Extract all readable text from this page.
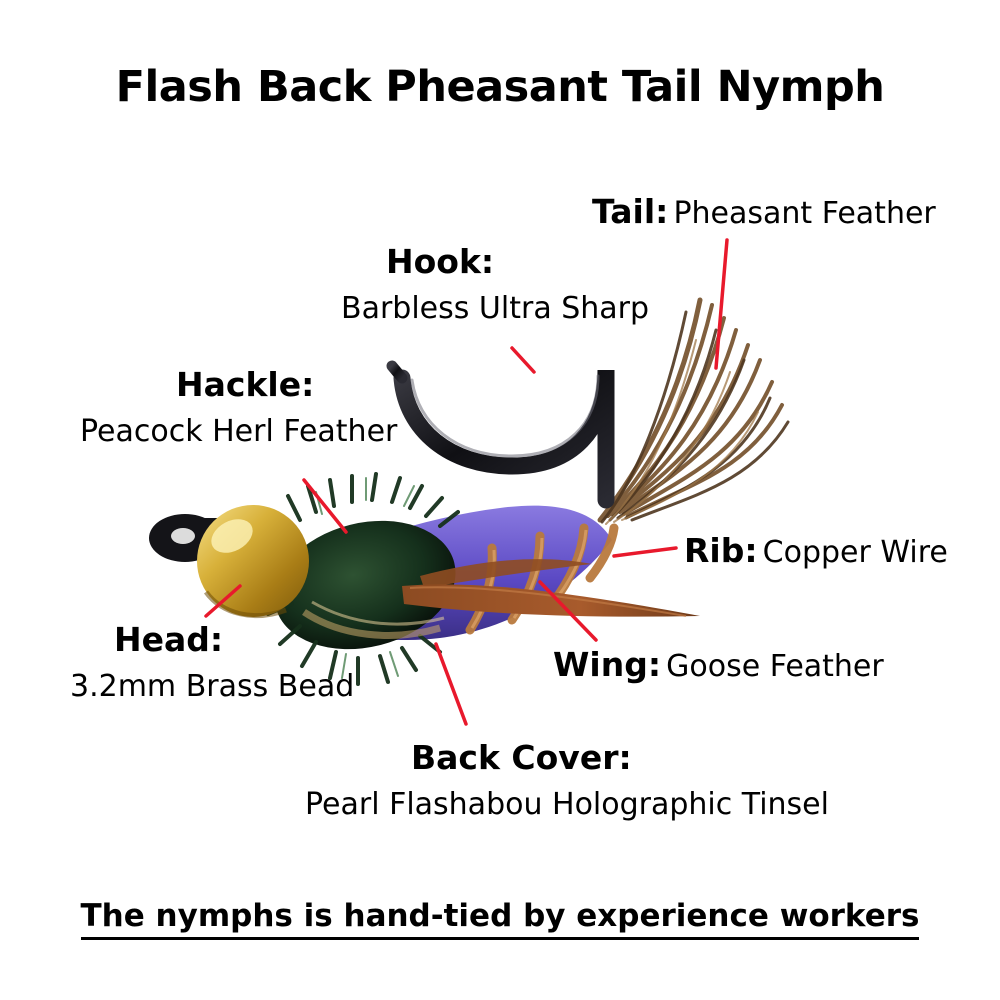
Flash Back Pheasant Tail Nymph
Tail: Pheasant Feather
Hook:
Barbless Ultra Sharp
Hackle:
Peacock Herl Feather
Rib: Copper Wire
Wing: Goose Feather
Head:
3.2mm Brass Bead
Back Cover:
Pearl Flashabou Holographic Tinsel
The nymphs is hand-tied by experience workers
